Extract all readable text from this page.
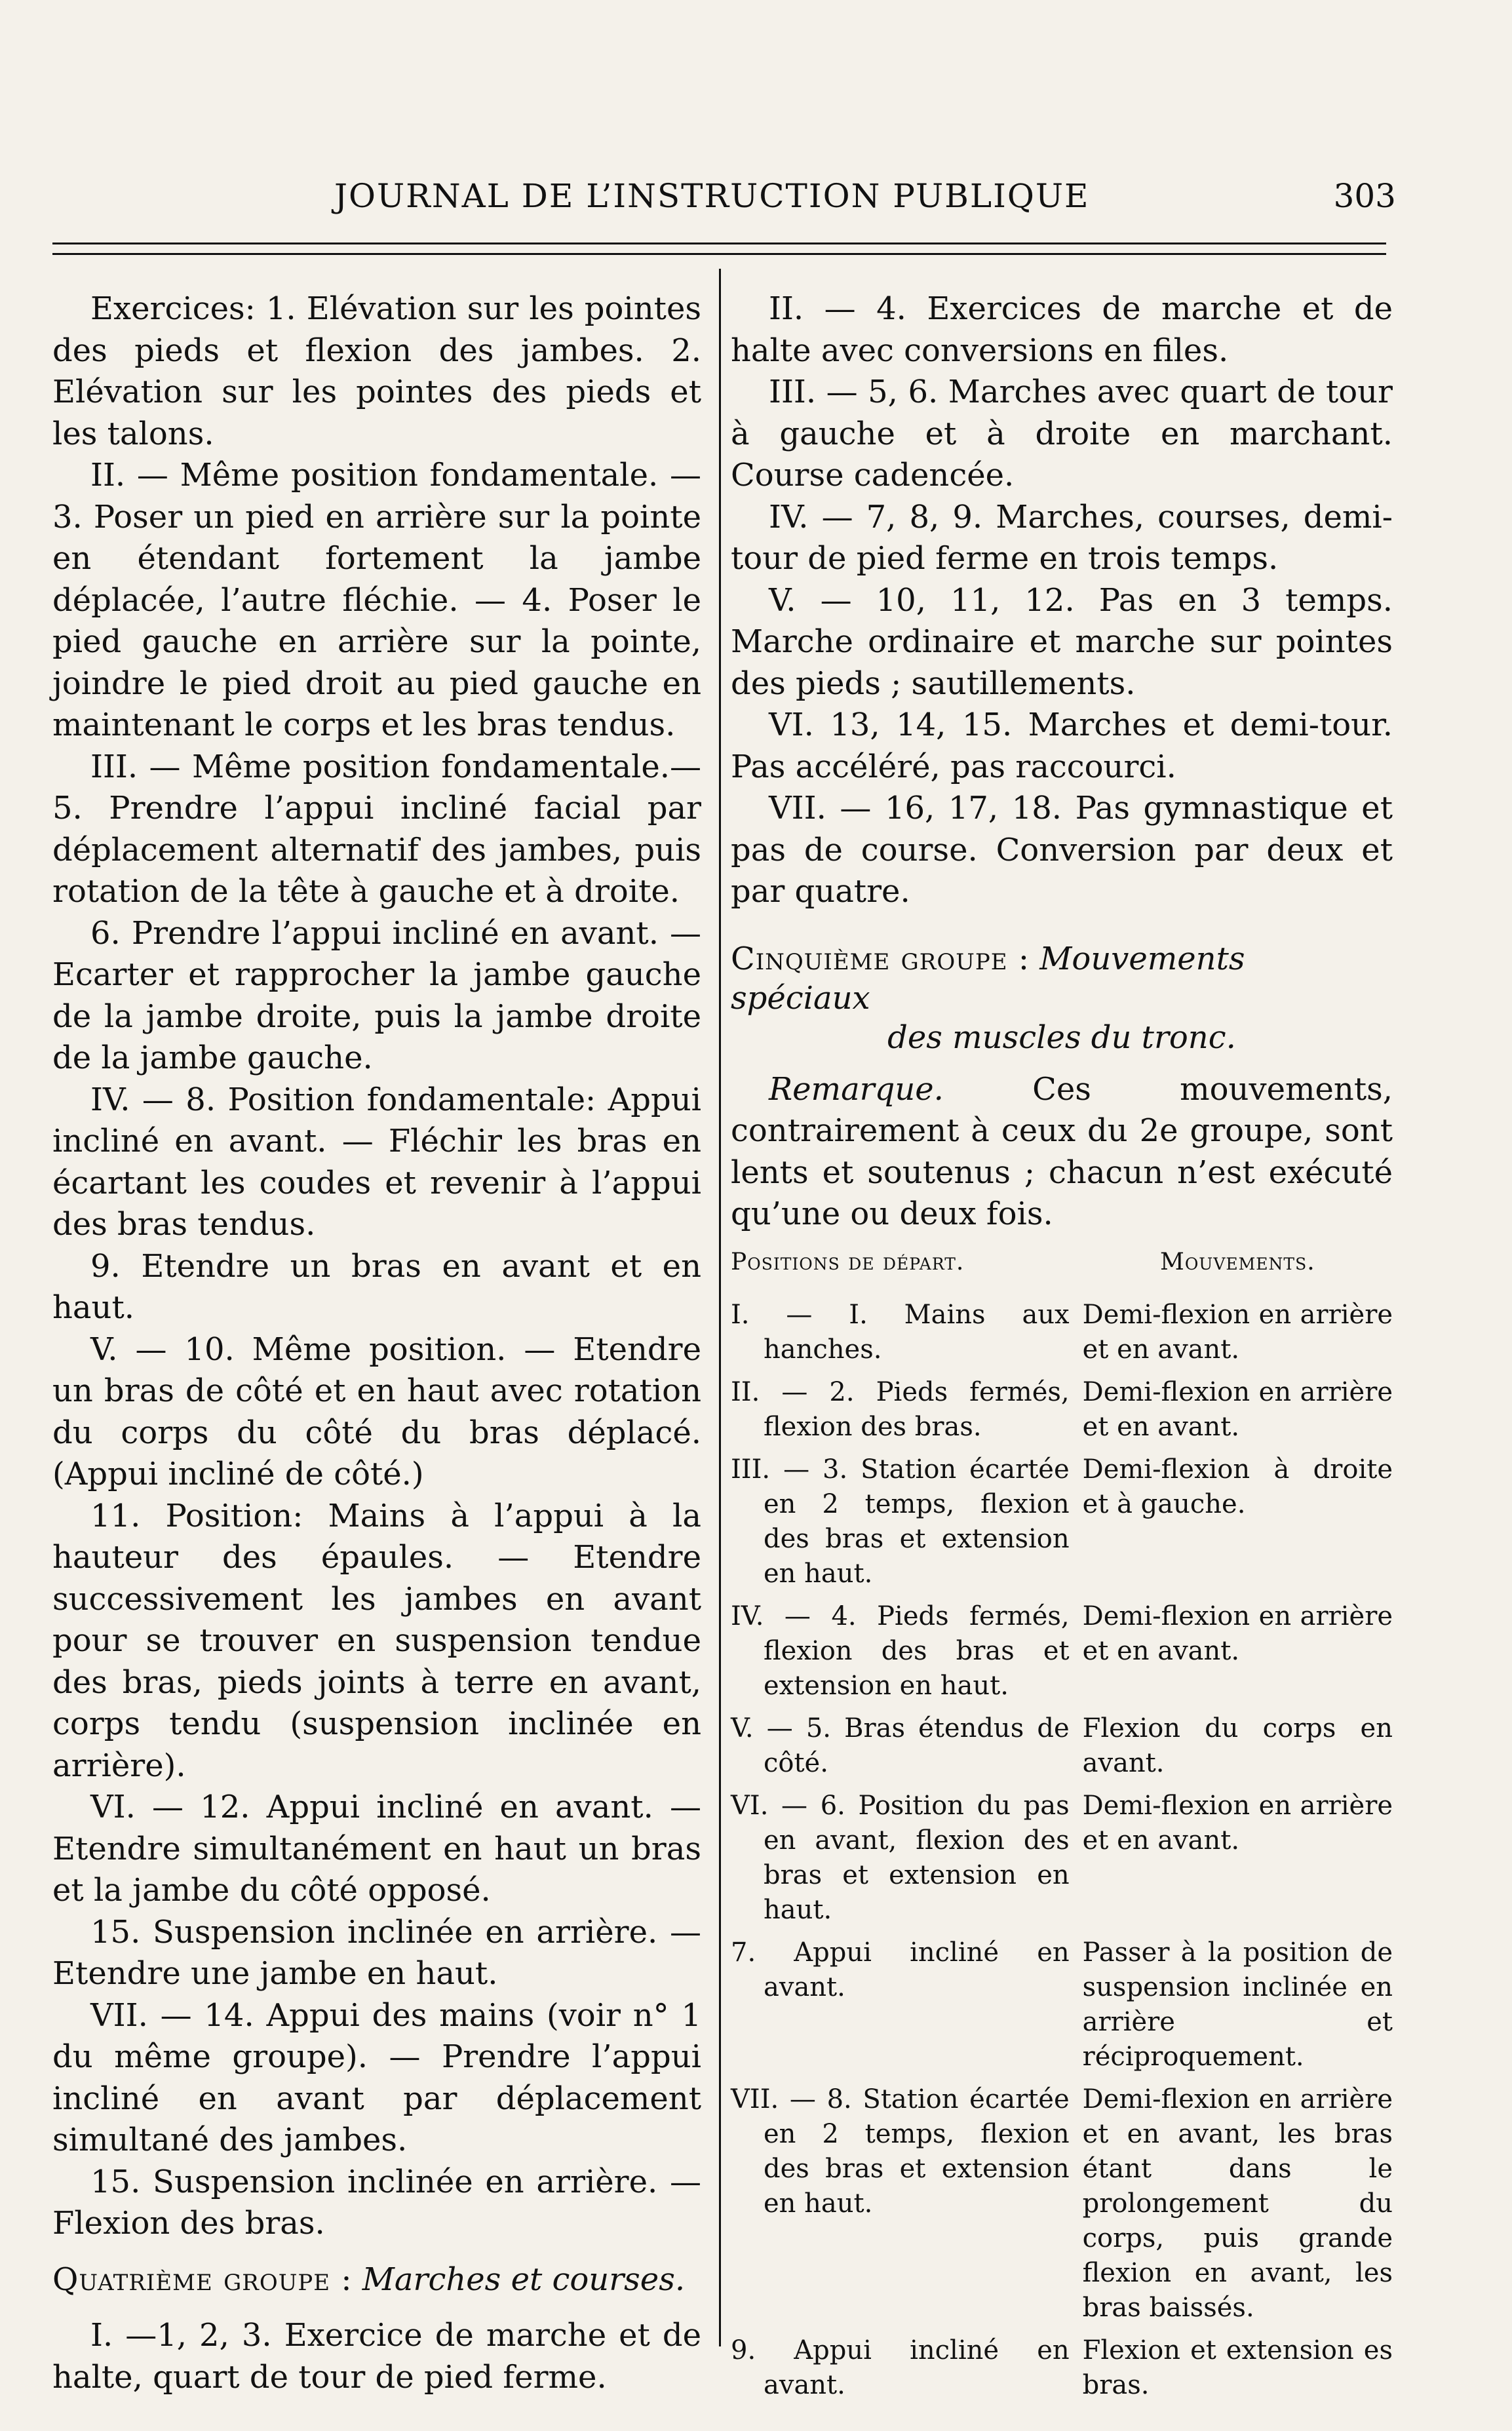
JOURNAL DE L’INSTRUCTION PUBLIQUE	303

Exercices: 1. Elévation sur les pointes des pieds et flexion des jambes. 2. Elévation sur les pointes des pieds et les talons.

II. — Même position fondamentale. — 3. Poser un pied en arrière sur la pointe en étendant fortement la jambe déplacée, l’autre fléchie. — 4. Poser le pied gauche en arrière sur la pointe, joindre le pied droit au pied gauche en maintenant le corps et les bras tendus.

III. — Même position fondamentale.— 5. Prendre l’appui incliné facial par déplacement alternatif des jambes, puis rotation de la tête à gauche et à droite.

6. Prendre l’appui incliné en avant. — Ecarter et rapprocher la jambe gauche de la jambe droite, puis la jambe droite de la jambe gauche.

IV. — 8. Position fondamentale: Appui incliné en avant. — Fléchir les bras en écartant les coudes et revenir à l’appui des bras tendus.

9. Etendre un bras en avant et en haut.

V. — 10. Même position. — Etendre un bras de côté et en haut avec rotation du corps du côté du bras déplacé. (Appui incliné de côté.)

11. Position: Mains à l’appui à la hauteur des épaules. — Etendre successivement les jambes en avant pour se trouver en suspension tendue des bras, pieds joints à terre en avant, corps tendu (suspension inclinée en arrière).

VI. — 12. Appui incliné en avant. — Etendre simultanément en haut un bras et la jambe du côté opposé.

15. Suspension inclinée en arrière. — Etendre une jambe en haut.

VII. — 14. Appui des mains (voir n° 1 du même groupe). — Prendre l’appui incliné en avant par déplacement simultané des jambes.

15. Suspension inclinée en arrière. — Flexion des bras.

Quatrième groupe : Marches et courses.

I. —1, 2, 3. Exercice de marche et de halte, quart de tour de pied ferme.

II. — 4. Exercices de marche et de halte avec conversions en files.

III. — 5, 6. Marches avec quart de tour à gauche et à droite en marchant. Course cadencée.

IV. — 7, 8, 9. Marches, courses, demi-tour de pied ferme en trois temps.

V. — 10, 11, 12. Pas en 3 temps. Marche ordinaire et marche sur pointes des pieds ; sautillements.

VI. 13, 14, 15. Marches et demi-tour. Pas accéléré, pas raccourci.

VII. — 16, 17, 18. Pas gymnastique et pas de course. Conversion par deux et par quatre.

Cinquième groupe : Mouvements spéciaux
des muscles du tronc.

Remarque. Ces mouvements, contrairement à ceux du 2e groupe, sont lents et soutenus ; chacun n’est exécuté qu’une ou deux fois.

Positions de départ.	Mouvements.
I. — I. Mains aux hanches.	Demi-flexion en arrière et en avant.
II. — 2. Pieds fermés, flexion des bras.	Demi-flexion en arrière et en avant.
III. — 3. Station écartée en 2 temps, flexion des bras et extension en haut.	Demi-flexion à droite et à gauche.
IV. — 4. Pieds fermés, flexion des bras et extension en haut.	Demi-flexion en arrière et en avant.
V. — 5. Bras étendus de côté.	Flexion du corps en avant.
VI. — 6. Position du pas en avant, flexion des bras et extension en haut.	Demi-flexion en arrière et en avant.
7. Appui incliné en avant.	Passer à la position de suspension inclinée en arrière et réciproquement.
VII. — 8. Station écartée en 2 temps, flexion des bras et extension en haut.	Demi-flexion en arrière et en avant, les bras étant dans le prolongement du corps, puis grande flexion en avant, les bras baissés.
9. Appui incliné en avant.	Flexion et extension es bras.
